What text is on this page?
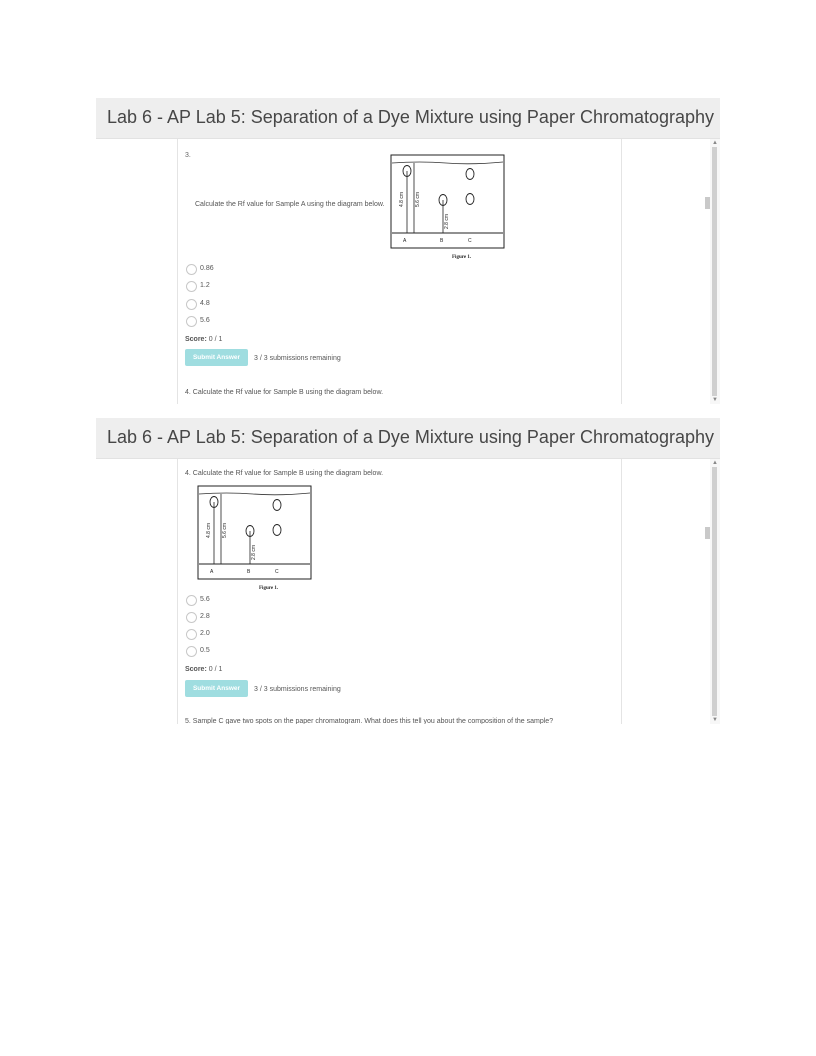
Lab 6 - AP Lab 5: Separation of a Dye Mixture using Paper Chromatography
3.
Calculate the Rf value for Sample A using the diagram below.	4.8 cm 5.6 cm
2.8 cm
A	B	C
Figure 1.
0.86
1.2
4.8
5.6
Score: 0 / 1
Submit Answer	3 / 3 submissions remaining
4. Calculate the Rf value for Sample B using the diagram below.
▲
▼
Lab 6 - AP Lab 5: Separation of a Dye Mixture using Paper Chromatography
4. Calculate the Rf value for Sample B using the diagram below.
4.8 cm 5.6 cm
2.8 cm
A	B	C
Figure 1.
5.6
2.8
2.0
0.5
Score: 0 / 1
Submit Answer	3 / 3 submissions remaining
5. Sample C gave two spots on the paper chromatogram. What does this tell you about the composition of the sample?
▲
▼
